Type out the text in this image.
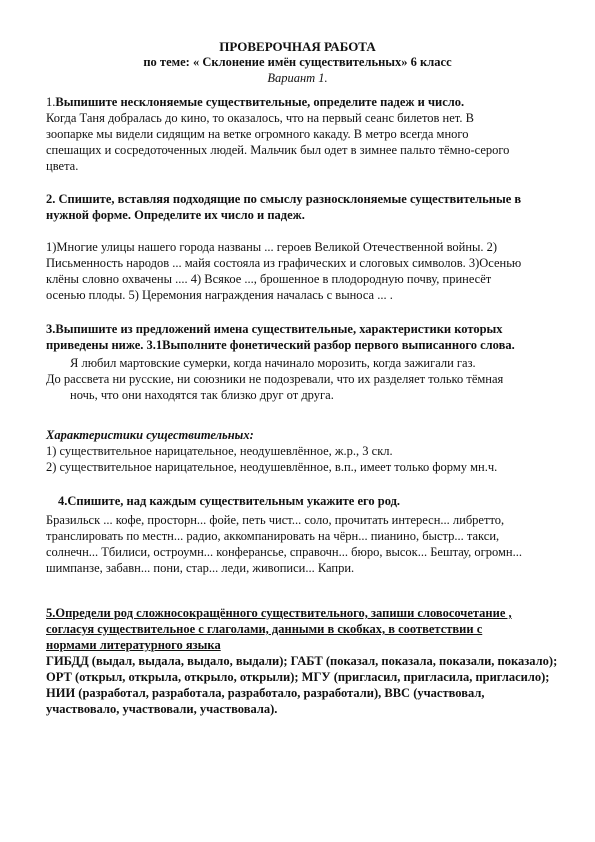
ПРОВЕРОЧНАЯ РАБОТА
по теме: « Склонение имён существительных» 6 класс
Вариант 1.
1.Выпишите несклоняемые существительные, определите падеж и число.
Когда Таня добралась до кино, то оказалось, что на первый сеанс билетов нет. В
зоопарке мы видели сидящим на ветке огромного какаду. В метро всегда много
спешащих и сосредоточенных людей. Мальчик был одет в зимнее пальто тёмно-серого
цвета.
2. Спишите, вставляя подходящие по смыслу разносклоняемые существительные в
нужной форме. Определите их число и падеж.
1)Многие улицы нашего города названы ... героев Великой Отечественной войны. 2)
Письменность народов ... майя состояла из графических и слоговых символов. 3)Осенью
клёны словно охвачены .... 4) Всякое ..., брошенное в плодородную почву, принесёт
осенью плоды. 5) Церемония награждения началась с выноса ... .
3.Выпишите из предложений имена существительные, характеристики которых
приведены ниже. 3.1Выполните фонетический разбор первого выписанного слова.
Я любил мартовские сумерки, когда начинало морозить, когда зажигали газ.
До рассвета ни русские, ни союзники не подозревали, что их разделяет только тёмная
ночь, что они находятся так близко друг от друга.
Характеристики существительных:
1) существительное нарицательное, неодушевлённое, ж.р., 3 скл.
2) существительное нарицательное, неодушевлённое, в.п., имеет только форму мн.ч.
4.Спишите, над каждым существительным укажите его род.
Бразильск ... кофе, просторн... фойе, петь чист... соло, прочитать интересн... либретто,
транслировать по местн... радио, аккомпанировать на чёрн... пианино, быстр... такси,
солнечн... Тбилиси, остроумн... конферансье, справочн... бюро, высок... Бештау, огромн...
шимпанзе, забавн... пони, стар... леди, живописи... Капри.
5.Определи род сложносокращённого существительного, запиши словосочетание ,
согласуя существительное с глаголами, данными в скобках, в соответствии с
нормами литературного языка
ГИБДД (выдал, выдала, выдало, выдали); ГАБТ (показал, показала, показали, показало);
ОРТ (открыл, открыла, открыло, открыли); МГУ (пригласил, пригласила, пригласило);
НИИ (разработал, разработала, разработало, разработали), ВВС (участвовал,
участвовало, участвовали, участвовала).
